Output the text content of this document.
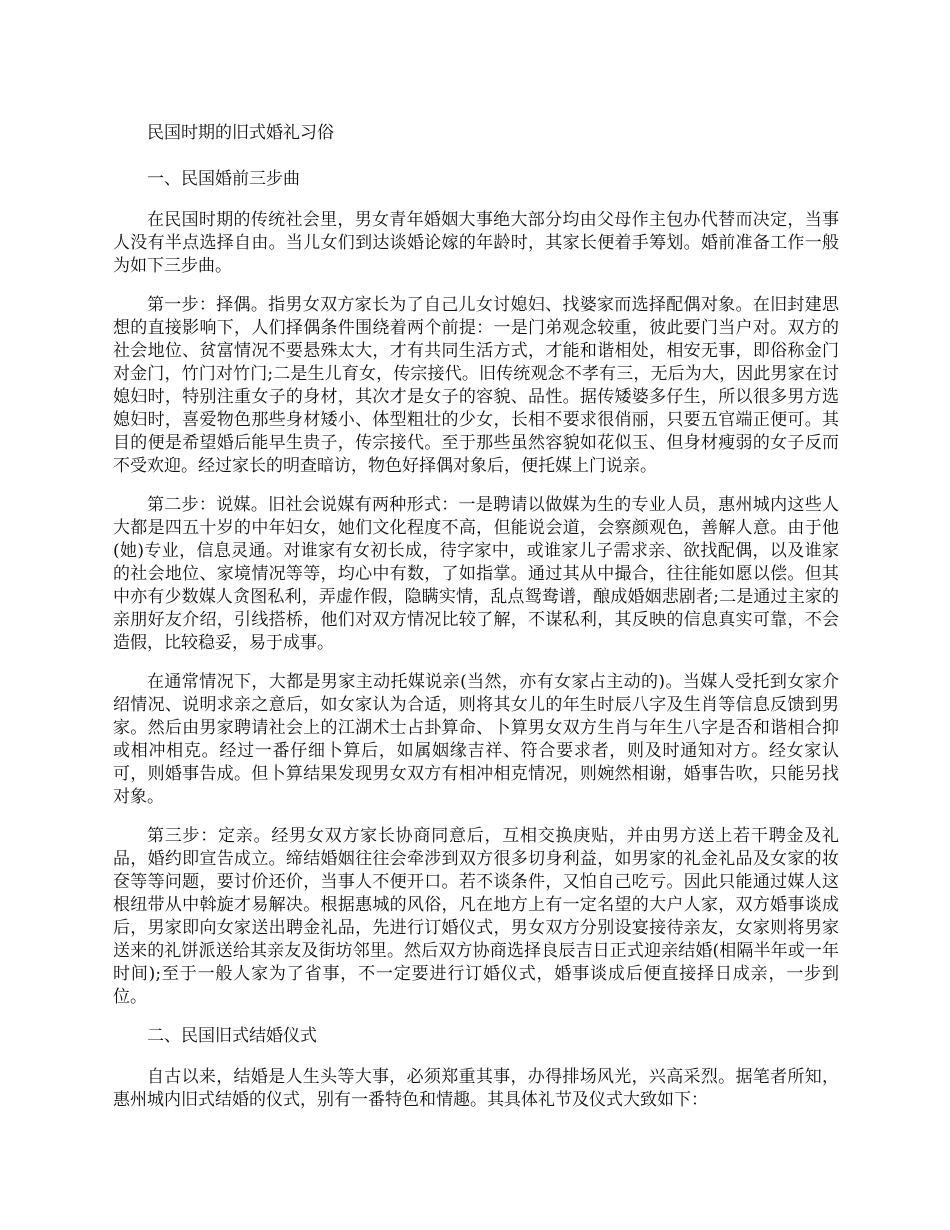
民国时期的旧式婚礼习俗

一、民国婚前三步曲

在民国时期的传统社会里，男女青年婚姻大事绝大部分均由父母作主包办代替而决定，当事人没有半点选择自由。当儿女们到达谈婚论嫁的年龄时，其家长便着手筹划。婚前准备工作一般为如下三步曲。

第一步：择偶。指男女双方家长为了自己儿女讨媳妇、找婆家而选择配偶对象。在旧封建思想的直接影响下，人们择偶条件围绕着两个前提：一是门弟观念较重，彼此要门当户对。双方的社会地位、贫富情况不要悬殊太大，才有共同生活方式，才能和谐相处，相安无事，即俗称金门对金门，竹门对竹门;二是生儿育女，传宗接代。旧传统观念不孝有三，无后为大，因此男家在讨媳妇时，特别注重女子的身材，其次才是女子的容貌、品性。据传矮婆多仔生，所以很多男方选媳妇时，喜爱物色那些身材矮小、体型粗壮的少女，长相不要求很俏丽，只要五官端正便可。其目的便是希望婚后能早生贵子，传宗接代。至于那些虽然容貌如花似玉、但身材瘦弱的女子反而不受欢迎。经过家长的明查暗访，物色好择偶对象后，便托媒上门说亲。

第二步：说媒。旧社会说媒有两种形式：一是聘请以做媒为生的专业人员，惠州城内这些人大都是四五十岁的中年妇女，她们文化程度不高，但能说会道，会察颜观色，善解人意。由于他(她)专业，信息灵通。对谁家有女初长成，待字家中，或谁家儿子需求亲、欲找配偶，以及谁家的社会地位、家境情况等等，均心中有数，了如指掌。通过其从中撮合，往往能如愿以偿。但其中亦有少数媒人贪图私利，弄虚作假，隐瞒实情，乱点鸳鸯谱，酿成婚姻悲剧者;二是通过主家的亲朋好友介绍，引线搭桥，他们对双方情况比较了解，不谋私利，其反映的信息真实可靠，不会造假，比较稳妥，易于成事。

在通常情况下，大都是男家主动托媒说亲(当然，亦有女家占主动的)。当媒人受托到女家介绍情况、说明求亲之意后，如女家认为合适，则将其女儿的年生时辰八字及生肖等信息反馈到男家。然后由男家聘请社会上的江湖术士占卦算命、卜算男女双方生肖与年生八字是否和谐相合抑或相冲相克。经过一番仔细卜算后，如属姻缘吉祥、符合要求者，则及时通知对方。经女家认可，则婚事告成。但卜算结果发现男女双方有相冲相克情况，则婉然相谢，婚事告吹，只能另找对象。

第三步：定亲。经男女双方家长协商同意后，互相交换庚贴，并由男方送上若干聘金及礼品，婚约即宣告成立。缔结婚姻往往会牵涉到双方很多切身利益，如男家的礼金礼品及女家的妆奁等等问题，要讨价还价，当事人不便开口。若不谈条件，又怕自己吃亏。因此只能通过媒人这根纽带从中斡旋才易解决。根据惠城的风俗，凡在地方上有一定名望的大户人家，双方婚事谈成后，男家即向女家送出聘金礼品，先进行订婚仪式，男女双方分别设宴接待亲友，女家则将男家送来的礼饼派送给其亲友及街坊邻里。然后双方协商选择良辰吉日正式迎亲结婚(相隔半年或一年时间);至于一般人家为了省事，不一定要进行订婚仪式，婚事谈成后便直接择日成亲，一步到位。

二、民国旧式结婚仪式

自古以来，结婚是人生头等大事，必须郑重其事，办得排场风光，兴高采烈。据笔者所知，惠州城内旧式结婚的仪式，别有一番特色和情趣。其具体礼节及仪式大致如下：
